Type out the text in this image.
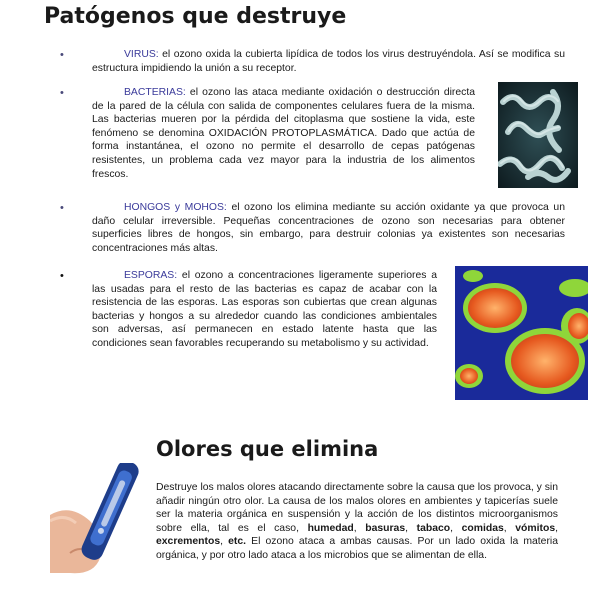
Patógenos que destruye
•	VIRUS: el ozono oxida la cubierta lipídica de todos los virus destruyéndola. Así se modifica su estructura impidiendo la unión a su receptor.

•	BACTERIAS: el ozono las ataca mediante oxidación o destrucción directa de la pared de la célula con salida de componentes celulares fuera de la misma. Las bacterias mueren por la pérdida del citoplasma que sostiene la vida, este fenómeno se denomina OXIDACIÓN PROTOPLASMÁTICA. Dado que actúa de forma instantánea, el ozono no permite el desarrollo de cepas patógenas resistentes, un problema cada vez mayor para la industria de los alimentos frescos.

•	HONGOS y MOHOS: el ozono los elimina mediante su acción oxidante ya que provoca un daño celular irreversible. Pequeñas concentraciones de ozono son necesarias para obtener superficies libres de hongos, sin embargo, para destruir colonias ya existentes son necesarias concentraciones más altas.

•	ESPORAS: el ozono a concentraciones ligeramente superiores a las usadas para el resto de las bacterias es capaz de acabar con la resistencia de las esporas. Las esporas son cubiertas que crean algunas bacterias y hongos a su alrededor cuando las condiciones ambientales son adversas, así permanecen en estado latente hasta que las condiciones sean favorables recuperando su metabolismo y su actividad.

Olores que elimina

Destruye los malos olores atacando directamente sobre la causa que los provoca, y sin añadir ningún otro olor. La causa de los malos olores en ambientes y tapicerías suele ser la materia orgánica en suspensión y la acción de los distintos microorganismos sobre ella, tal es el caso, humedad, basuras, tabaco, comidas, vómitos, excrementos, etc. El ozono ataca a ambas causas. Por un lado oxida la materia orgánica, y por otro lado ataca a los microbios que se alimentan de ella.
